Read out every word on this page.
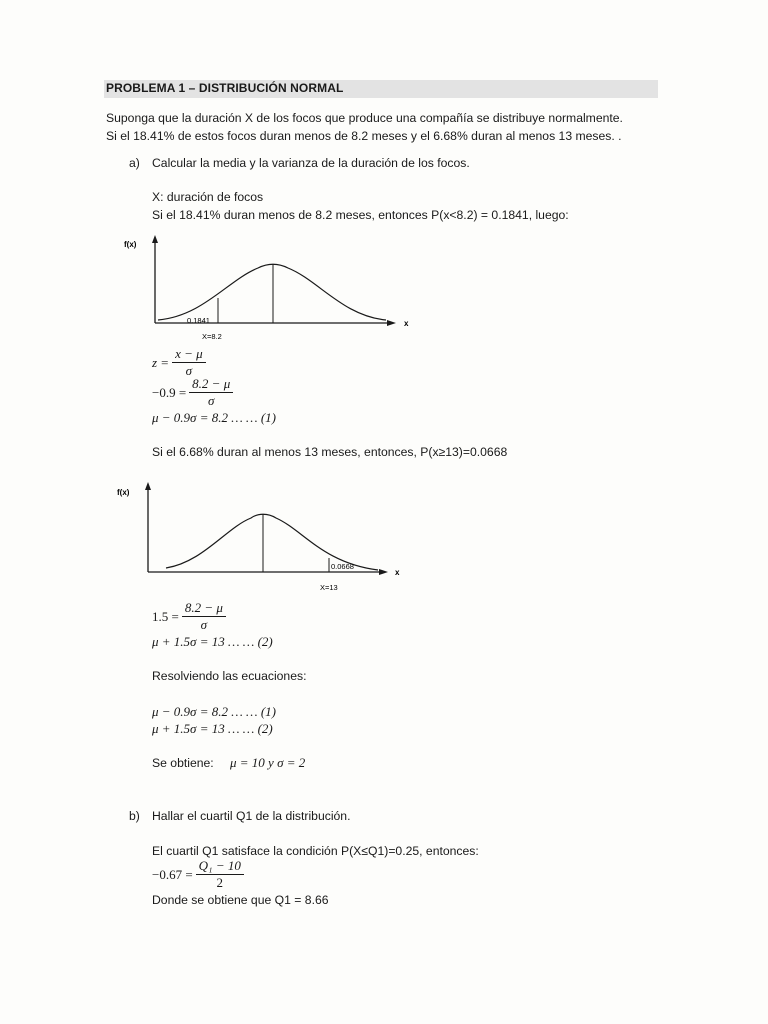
PROBLEMA 1 – DISTRIBUCIÓN NORMAL
Suponga que la duración X de los focos que produce una compañía se distribuye normalmente.
Si el 18.41% de estos focos duran menos de 8.2 meses y el 6.68% duran al menos 13 meses. .
a) Calcular la media y la varianza de la duración de los focos.
X: duración de focos
Si el 18.41% duran menos de 8.2 meses, entonces P(x<8.2) = 0.1841, luego:
f(x)
x
0.1841
X=8.2
$z = \frac{x - \mu}{\sigma}$
$-0.9 = \frac{8.2 - \mu}{\sigma}$
μ − 0.9σ = 8.2 … … (1)
Si el 6.68% duran al menos 13 meses, entonces, P(x≥13)=0.0668
f(x)
x
0.0668
X=13
$1.5 = \frac{8.2 - \mu}{\sigma}$
μ + 1.5σ = 13 … … (2)
Resolviendo las ecuaciones:
μ − 0.9σ = 8.2 … … (1)
μ + 1.5σ = 13 … … (2)
Se obtiene: μ = 10 y σ = 2
b) Hallar el cuartil Q1 de la distribución.
El cuartil Q1 satisface la condición P(X≤Q1)=0.25, entonces:
$-0.67 = \frac{\text{Q₁ − 10}}{2}$
Donde se obtiene que Q1 = 8.66
